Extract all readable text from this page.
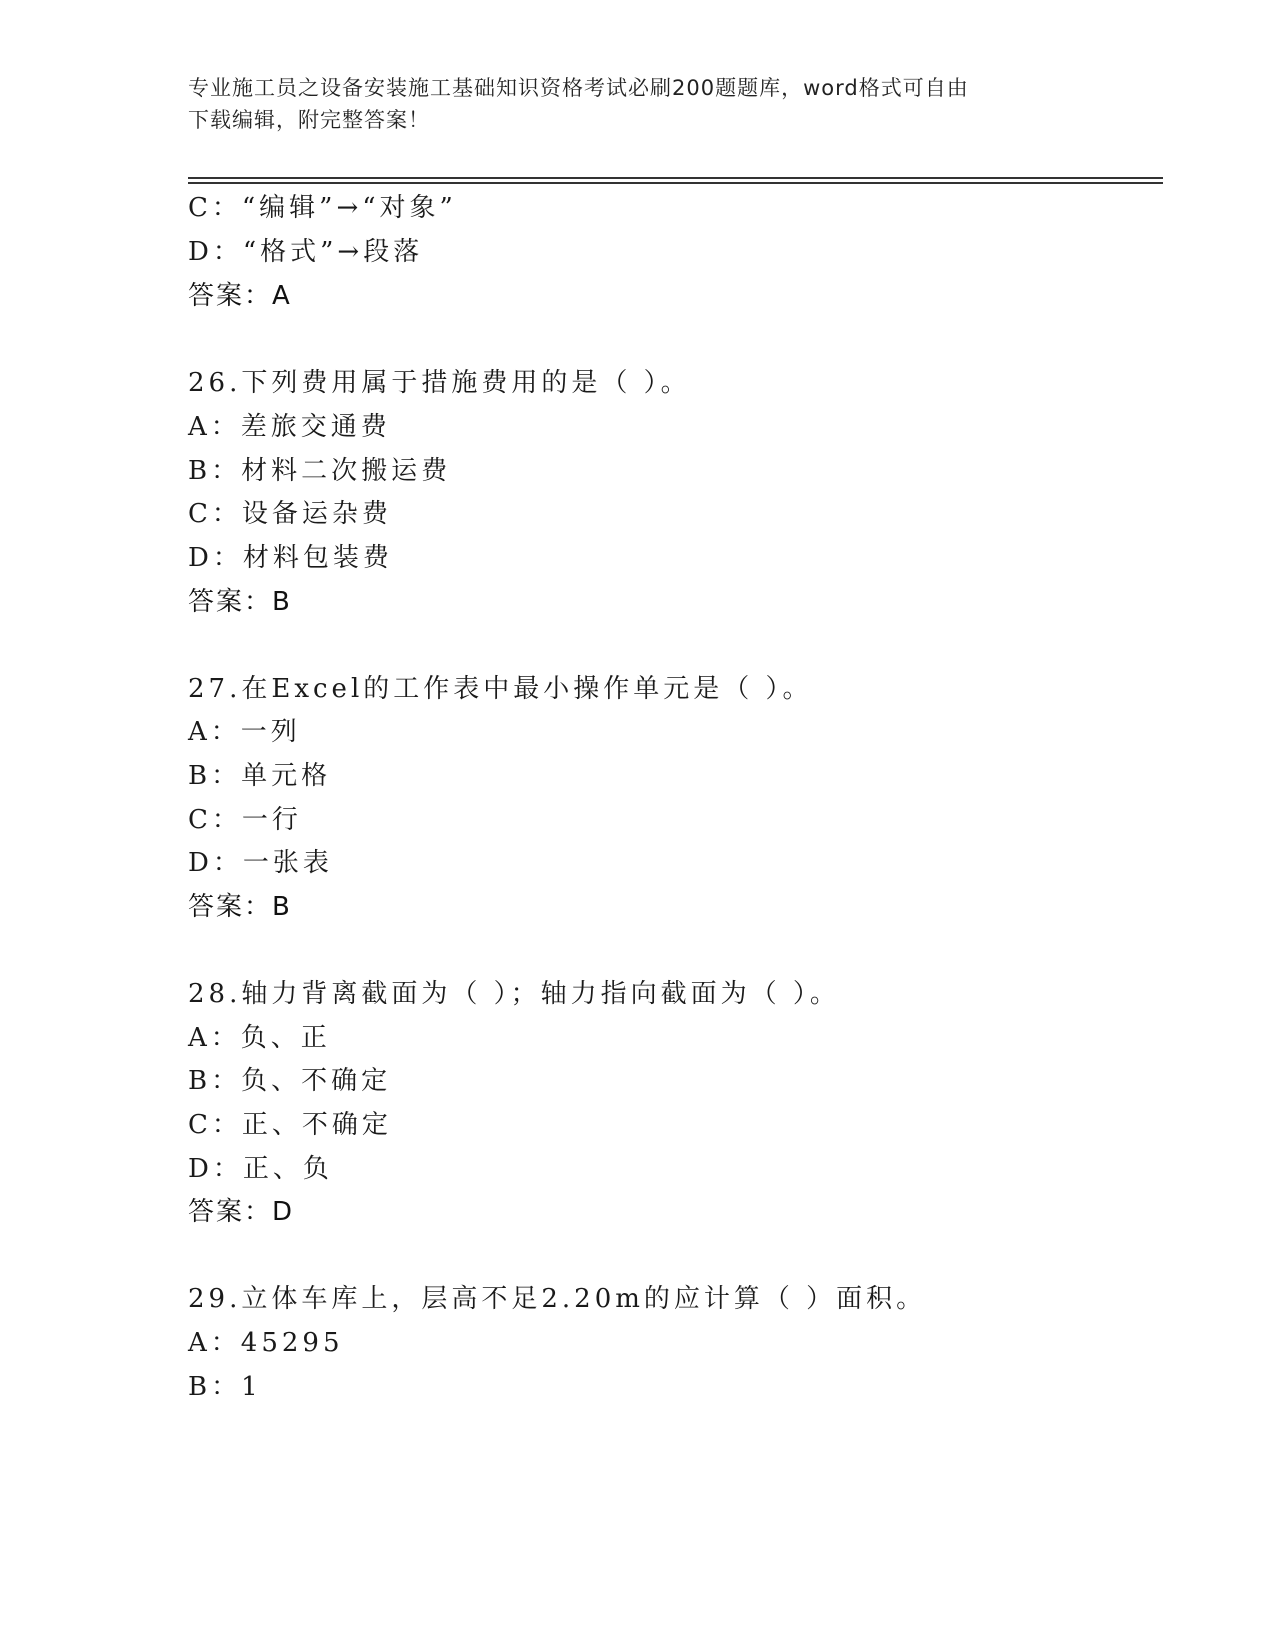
专业施工员之设备安装施工基础知识资格考试必刷200题题库，word格式可自由
下载编辑，附完整答案！
C：“编辑”→“对象”
D：“格式”→段落
答案：A
26.下列费用属于措施费用的是（ ）。
A：差旅交通费
B：材料二次搬运费
C：设备运杂费
D：材料包装费
答案：B
27.在Excel的工作表中最小操作单元是（ ）。
A：一列
B：单元格
C：一行
D：一张表
答案：B
28.轴力背离截面为（ ）；轴力指向截面为（ ）。
A：负、正
B：负、不确定
C：正、不确定
D：正、负
答案：D
29.立体车库上，层高不足2.20m的应计算（ ）面积。
A：45295
B：1
